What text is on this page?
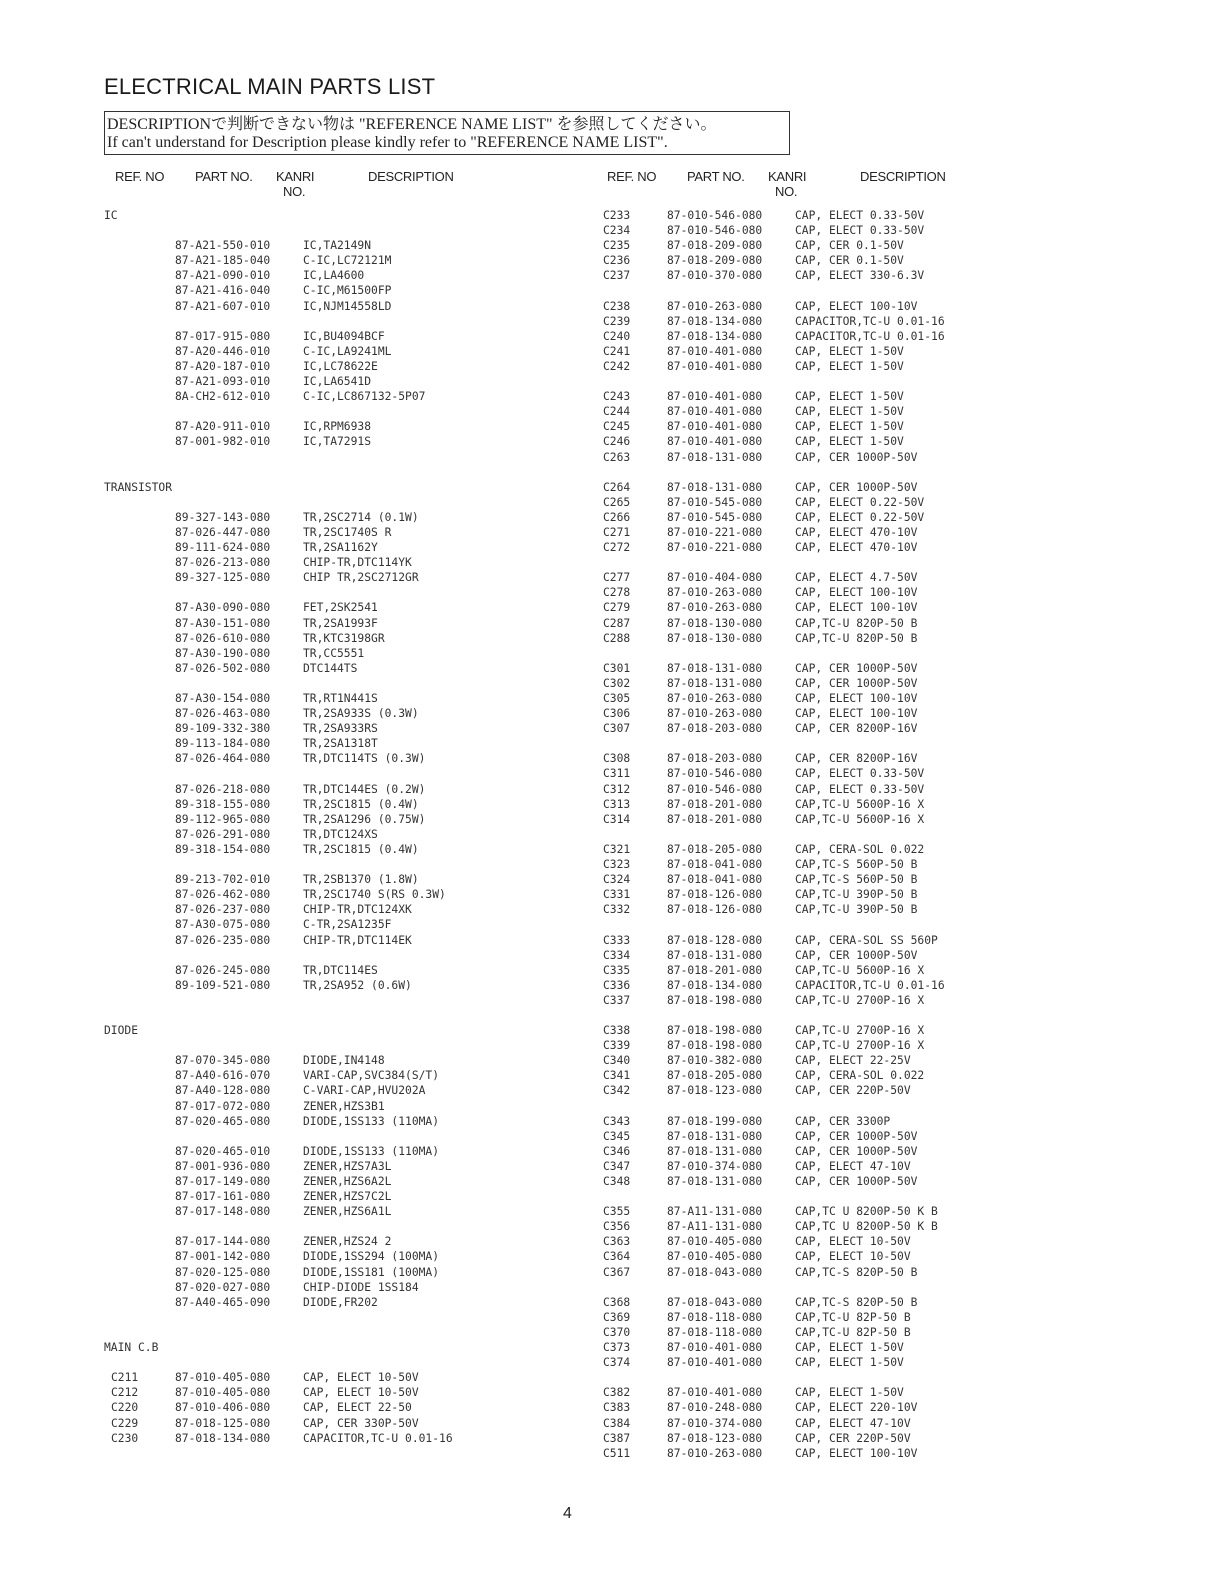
ELECTRICAL MAIN PARTS LIST
DESCRIPTIONで判断できない物は "REFERENCE NAME LIST" を参照してください。
If can't understand for Description please kindly refer to "REFERENCE NAME LIST".
REF. NO PART NO. KANRI
NO.
DESCRIPTION	REF. NO PART NO. KANRI
NO.
DESCRIPTION
IC
87-A21-550-010	IC,TA2149N
87-A21-185-040	C-IC,LC72121M
87-A21-090-010	IC,LA4600
87-A21-416-040	C-IC,M61500FP
87-A21-607-010	IC,NJM14558LD
87-017-915-080	IC,BU4094BCF
87-A20-446-010	C-IC,LA9241ML
87-A20-187-010	IC,LC78622E
87-A21-093-010	IC,LA6541D
8A-CH2-612-010	C-IC,LC867132-5P07
87-A20-911-010	IC,RPM6938
87-001-982-010	IC,TA7291S
TRANSISTOR
89-327-143-080	TR,2SC2714 (0.1W)
87-026-447-080	TR,2SC1740S R
89-111-624-080	TR,2SA1162Y
87-026-213-080	CHIP-TR,DTC114YK
89-327-125-080	CHIP TR,2SC2712GR
87-A30-090-080	FET,2SK2541
87-A30-151-080	TR,2SA1993F
87-026-610-080	TR,KTC3198GR
87-A30-190-080	TR,CC5551
87-026-502-080	DTC144TS
87-A30-154-080	TR,RT1N441S
87-026-463-080	TR,2SA933S (0.3W)
89-109-332-380	TR,2SA933RS
89-113-184-080	TR,2SA1318T
87-026-464-080	TR,DTC114TS (0.3W)
87-026-218-080	TR,DTC144ES (0.2W)
89-318-155-080	TR,2SC1815 (0.4W)
89-112-965-080	TR,2SA1296 (0.75W)
87-026-291-080	TR,DTC124XS
89-318-154-080	TR,2SC1815 (0.4W)
89-213-702-010	TR,2SB1370 (1.8W)
87-026-462-080	TR,2SC1740 S(RS 0.3W)
87-026-237-080	CHIP-TR,DTC124XK
87-A30-075-080	C-TR,2SA1235F
87-026-235-080	CHIP-TR,DTC114EK
87-026-245-080	TR,DTC114ES
89-109-521-080	TR,2SA952 (0.6W)
DIODE
87-070-345-080	DIODE,IN4148
87-A40-616-070	VARI-CAP,SVC384(S/T)
87-A40-128-080	C-VARI-CAP,HVU202A
87-017-072-080	ZENER,HZS3B1
87-020-465-080	DIODE,1SS133 (110MA)
87-020-465-010	DIODE,1SS133 (110MA)
87-001-936-080	ZENER,HZS7A3L
87-017-149-080	ZENER,HZS6A2L
87-017-161-080	ZENER,HZS7C2L
87-017-148-080	ZENER,HZS6A1L
87-017-144-080	ZENER,HZS24 2
87-001-142-080	DIODE,1SS294 (100MA)
87-020-125-080	DIODE,1SS181 (100MA)
87-020-027-080	CHIP-DIODE 1SS184
87-A40-465-090	DIODE,FR202
MAIN C.B
C211	87-010-405-080	CAP, ELECT 10-50V
C212	87-010-405-080	CAP, ELECT 10-50V
C220	87-010-406-080	CAP, ELECT 22-50
C229	87-018-125-080	CAP, CER 330P-50V
C230	87-018-134-080	CAPACITOR,TC-U 0.01-16
C233	87-010-546-080	CAP, ELECT 0.33-50V
C234	87-010-546-080	CAP, ELECT 0.33-50V
C235	87-018-209-080	CAP, CER 0.1-50V
C236	87-018-209-080	CAP, CER 0.1-50V
C237	87-010-370-080	CAP, ELECT 330-6.3V
C238	87-010-263-080	CAP, ELECT 100-10V
C239	87-018-134-080	CAPACITOR,TC-U 0.01-16
C240	87-018-134-080	CAPACITOR,TC-U 0.01-16
C241	87-010-401-080	CAP, ELECT 1-50V
C242	87-010-401-080	CAP, ELECT 1-50V
C243	87-010-401-080	CAP, ELECT 1-50V
C244	87-010-401-080	CAP, ELECT 1-50V
C245	87-010-401-080	CAP, ELECT 1-50V
C246	87-010-401-080	CAP, ELECT 1-50V
C263	87-018-131-080	CAP, CER 1000P-50V
C264	87-018-131-080	CAP, CER 1000P-50V
C265	87-010-545-080	CAP, ELECT 0.22-50V
C266	87-010-545-080	CAP, ELECT 0.22-50V
C271	87-010-221-080	CAP, ELECT 470-10V
C272	87-010-221-080	CAP, ELECT 470-10V
C277	87-010-404-080	CAP, ELECT 4.7-50V
C278	87-010-263-080	CAP, ELECT 100-10V
C279	87-010-263-080	CAP, ELECT 100-10V
C287	87-018-130-080	CAP,TC-U 820P-50 B
C288	87-018-130-080	CAP,TC-U 820P-50 B
C301	87-018-131-080	CAP, CER 1000P-50V
C302	87-018-131-080	CAP, CER 1000P-50V
C305	87-010-263-080	CAP, ELECT 100-10V
C306	87-010-263-080	CAP, ELECT 100-10V
C307	87-018-203-080	CAP, CER 8200P-16V
C308	87-018-203-080	CAP, CER 8200P-16V
C311	87-010-546-080	CAP, ELECT 0.33-50V
C312	87-010-546-080	CAP, ELECT 0.33-50V
C313	87-018-201-080	CAP,TC-U 5600P-16 X
C314	87-018-201-080	CAP,TC-U 5600P-16 X
C321	87-018-205-080	CAP, CERA-SOL 0.022
C323	87-018-041-080	CAP,TC-S 560P-50 B
C324	87-018-041-080	CAP,TC-S 560P-50 B
C331	87-018-126-080	CAP,TC-U 390P-50 B
C332	87-018-126-080	CAP,TC-U 390P-50 B
C333	87-018-128-080	CAP, CERA-SOL SS 560P
C334	87-018-131-080	CAP, CER 1000P-50V
C335	87-018-201-080	CAP,TC-U 5600P-16 X
C336	87-018-134-080	CAPACITOR,TC-U 0.01-16
C337	87-018-198-080	CAP,TC-U 2700P-16 X
C338	87-018-198-080	CAP,TC-U 2700P-16 X
C339	87-018-198-080	CAP,TC-U 2700P-16 X
C340	87-010-382-080	CAP, ELECT 22-25V
C341	87-018-205-080	CAP, CERA-SOL 0.022
C342	87-018-123-080	CAP, CER 220P-50V
C343	87-018-199-080	CAP, CER 3300P
C345	87-018-131-080	CAP, CER 1000P-50V
C346	87-018-131-080	CAP, CER 1000P-50V
C347	87-010-374-080	CAP, ELECT 47-10V
C348	87-018-131-080	CAP, CER 1000P-50V
C355	87-A11-131-080	CAP,TC U 8200P-50 K B
C356	87-A11-131-080	CAP,TC U 8200P-50 K B
C363	87-010-405-080	CAP, ELECT 10-50V
C364	87-010-405-080	CAP, ELECT 10-50V
C367	87-018-043-080	CAP,TC-S 820P-50 B
C368	87-018-043-080	CAP,TC-S 820P-50 B
C369	87-018-118-080	CAP,TC-U 82P-50 B
C370	87-018-118-080	CAP,TC-U 82P-50 B
C373	87-010-401-080	CAP, ELECT 1-50V
C374	87-010-401-080	CAP, ELECT 1-50V
C382	87-010-401-080	CAP, ELECT 1-50V
C383	87-010-248-080	CAP, ELECT 220-10V
C384	87-010-374-080	CAP, ELECT 47-10V
C387	87-018-123-080	CAP, CER 220P-50V
C511	87-010-263-080	CAP, ELECT 100-10V
4
